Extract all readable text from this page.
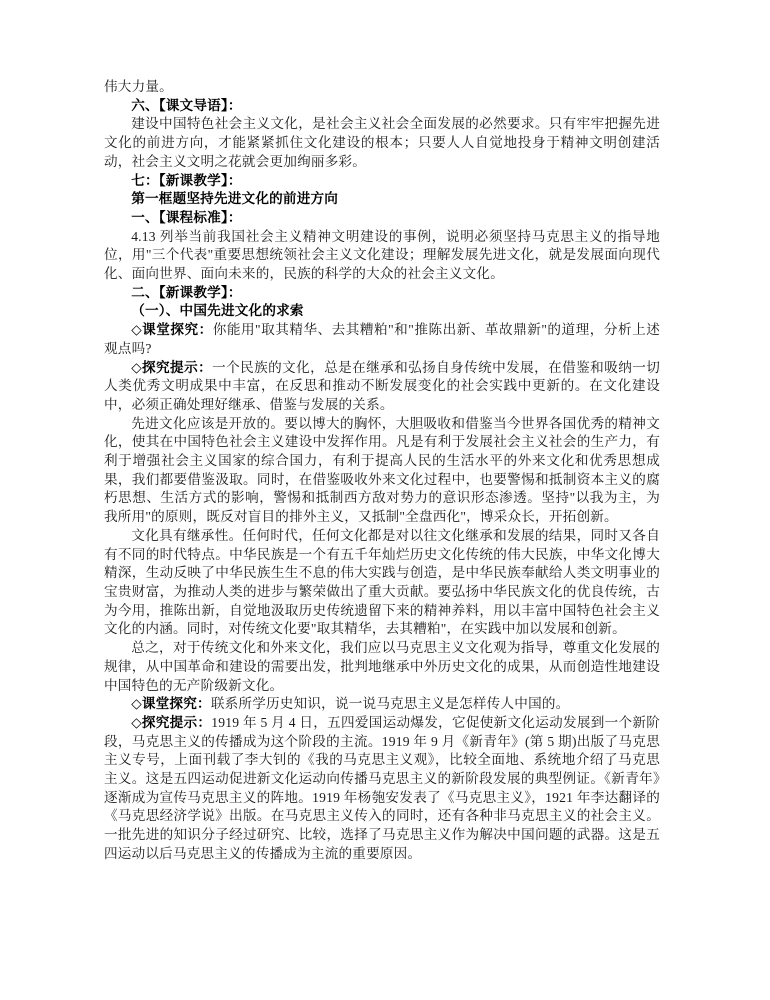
伟大力量。

六、【课文导语】：

建设中国特色社会主义文化，是社会主义社会全面发展的必然要求。只有牢牢把握先进文化的前进方向，才能紧紧抓住文化建设的根本；只要人人自觉地投身于精神文明创建活动，社会主义文明之花就会更加绚丽多彩。

七：【新课教学】：

第一框题坚持先进文化的前进方向

一、【课程标准】：

4.13 列举当前我国社会主义精神文明建设的事例，说明必须坚持马克思主义的指导地位，用"三个代表"重要思想统领社会主义文化建设；理解发展先进文化，就是发展面向现代化、面向世界、面向未来的，民族的科学的大众的社会主义文化。

二、【新课教学】：

（一）、中国先进文化的求索

◇课堂探究：你能用"取其精华、去其糟粕"和"推陈出新、革故鼎新"的道理，分析上述观点吗?

◇探究提示：一个民族的文化，总是在继承和弘扬自身传统中发展，在借鉴和吸纳一切人类优秀文明成果中丰富，在反思和推动不断发展变化的社会实践中更新的。在文化建设中，必须正确处理好继承、借鉴与发展的关系。

先进文化应该是开放的。要以博大的胸怀，大胆吸收和借鉴当今世界各国优秀的精神文化，使其在中国特色社会主义建设中发挥作用。凡是有利于发展社会主义社会的生产力，有利于增强社会主义国家的综合国力，有利于提高人民的生活水平的外来文化和优秀思想成果，我们都要借鉴汲取。同时，在借鉴吸收外来文化过程中，也要警惕和抵制资本主义的腐朽思想、生活方式的影响，警惕和抵制西方敌对势力的意识形态渗透。坚持"以我为主，为我所用"的原则，既反对盲目的排外主义，又抵制"全盘西化"，博采众长，开拓创新。

文化具有继承性。任何时代，任何文化都是对以往文化继承和发展的结果，同时又各自有不同的时代特点。中华民族是一个有五千年灿烂历史文化传统的伟大民族，中华文化博大精深，生动反映了中华民族生生不息的伟大实践与创造，是中华民族奉献给人类文明事业的宝贵财富，为推动人类的进步与繁荣做出了重大贡献。要弘扬中华民族文化的优良传统，古为今用，推陈出新，自觉地汲取历史传统遗留下来的精神养料，用以丰富中国特色社会主义文化的内涵。同时，对传统文化要"取其精华，去其糟粕"，在实践中加以发展和创新。

总之，对于传统文化和外来文化，我们应以马克思主义文化观为指导，尊重文化发展的规律，从中国革命和建设的需要出发，批判地继承中外历史文化的成果，从而创造性地建设中国特色的无产阶级新文化。

◇课堂探究：联系所学历史知识，说一说马克思主义是怎样传人中国的。

◇探究提示：1919 年 5 月 4 日，五四爱国运动爆发，它促使新文化运动发展到一个新阶段，马克思主义的传播成为这个阶段的主流。1919 年 9 月《新青年》(第 5 期)出版了马克思主义专号，上面刊载了李大钊的《我的马克思主义观》，比较全面地、系统地介绍了马克思主义。这是五四运动促进新文化运动向传播马克思主义的新阶段发展的典型例证。《新青年》逐渐成为宣传马克思主义的阵地。1919 年杨匏安发表了《马克思主义》，1921 年李达翻译的《马克思经济学说》出版。在马克思主义传入的同时，还有各种非马克思主义的社会主义。一批先进的知识分子经过研究、比较，选择了马克思主义作为解决中国问题的武器。这是五四运动以后马克思主义的传播成为主流的重要原因。
